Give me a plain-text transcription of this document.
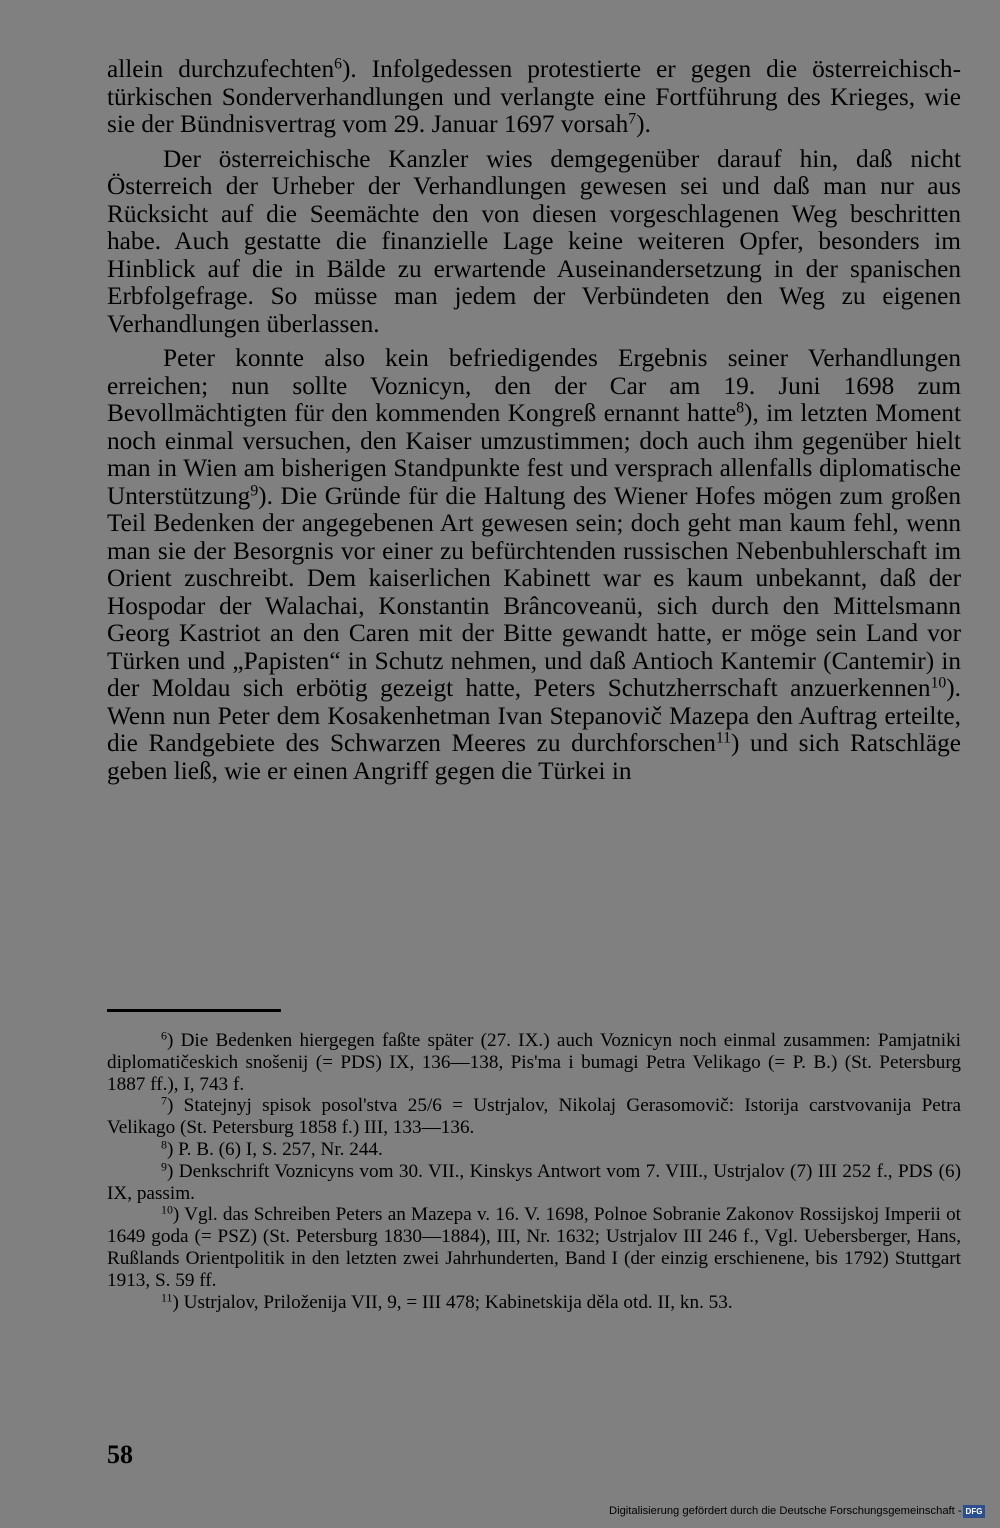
allein durchzufechten$^6$). Infolgedessen protestierte er gegen die österreichisch-türkischen Sonderverhandlungen und verlangte eine Fortführung des Krieges, wie sie der Bündnisvertrag vom 29. Januar 1697 vorsah$^7$).

Der österreichische Kanzler wies demgegenüber darauf hin, daß nicht Österreich der Urheber der Verhandlungen gewesen sei und daß man nur aus Rücksicht auf die Seemächte den von diesen vorgeschlagenen Weg beschritten habe. Auch gestatte die finanzielle Lage keine weiteren Opfer, besonders im Hinblick auf die in Bälde zu erwartende Auseinandersetzung in der spanischen Erbfolgefrage. So müsse man jedem der Verbündeten den Weg zu eigenen Verhandlungen überlassen.

Peter konnte also kein befriedigendes Ergebnis seiner Verhandlungen erreichen; nun sollte Voznicyn, den der Car am 19. Juni 1698 zum Bevollmächtigten für den kommenden Kongreß ernannt hatte$^8$), im letzten Moment noch einmal versuchen, den Kaiser umzustimmen; doch auch ihm gegenüber hielt man in Wien am bisherigen Standpunkte fest und versprach allenfalls diplomatische Unterstützung$^9$). Die Gründe für die Haltung des Wiener Hofes mögen zum großen Teil Bedenken der angegebenen Art gewesen sein; doch geht man kaum fehl, wenn man sie der Besorgnis vor einer zu befürchtenden russischen Nebenbuhlerschaft im Orient zuschreibt. Dem kaiserlichen Kabinett war es kaum unbekannt, daß der Hospodar der Walachai, Konstantin Brâncoveanü, sich durch den Mittelsmann Georg Kastriot an den Caren mit der Bitte gewandt hatte, er möge sein Land vor Türken und „Papisten“ in Schutz nehmen, und daß Antioch Kantemir (Cantemir) in der Moldau sich erbötig gezeigt hatte, Peters Schutzherrschaft anzuerkennen$^{10}$). Wenn nun Peter dem Kosakenhetman Ivan Stepanovič Mazepa den Auftrag erteilte, die Randgebiete des Schwarzen Meeres zu durchforschen$^{11}$) und sich Ratschläge geben ließ, wie er einen Angriff gegen die Türkei in

$^6$) Die Bedenken hiergegen faßte später (27. IX.) auch Voznicyn noch einmal zusammen: Pamjatniki diplomatičeskich snošenij (= PDS) IX, 136—138, Pis'ma i bumagi Petra Velikago (= P. B.) (St. Petersburg 1887 ff.), I, 743 f.

$^7$) Statejnyj spisok posol'stva 25/6 = Ustrjalov, Nikolaj Gerasomovič: Istorija carstvovanija Petra Velikago (St. Petersburg 1858 f.) III, 133—136.

$^8$) P. B. (6) I, S. 257, Nr. 244.

$^9$) Denkschrift Voznicyns vom 30. VII., Kinskys Antwort vom 7. VIII., Ustrjalov (7) III 252 f., PDS (6) IX, passim.

$^{10}$) Vgl. das Schreiben Peters an Mazepa v. 16. V. 1698, Polnoe Sobranie Zakonov Rossijskoj Imperii ot 1649 goda (= PSZ) (St. Petersburg 1830—1884), III, Nr. 1632; Ustrjalov III 246 f., Vgl. Uebersberger, Hans, Rußlands Orientpolitik in den letzten zwei Jahrhunderten, Band I (der einzig erschienene, bis 1792) Stuttgart 1913, S. 59 ff.

$^{11}$) Ustrjalov, Priloženija VII, 9, = III 478; Kabinetskija děla otd. II, kn. 53.

58
Digitalisierung gefördert durch die Deutsche Forschungsgemeinschaft - DFG
